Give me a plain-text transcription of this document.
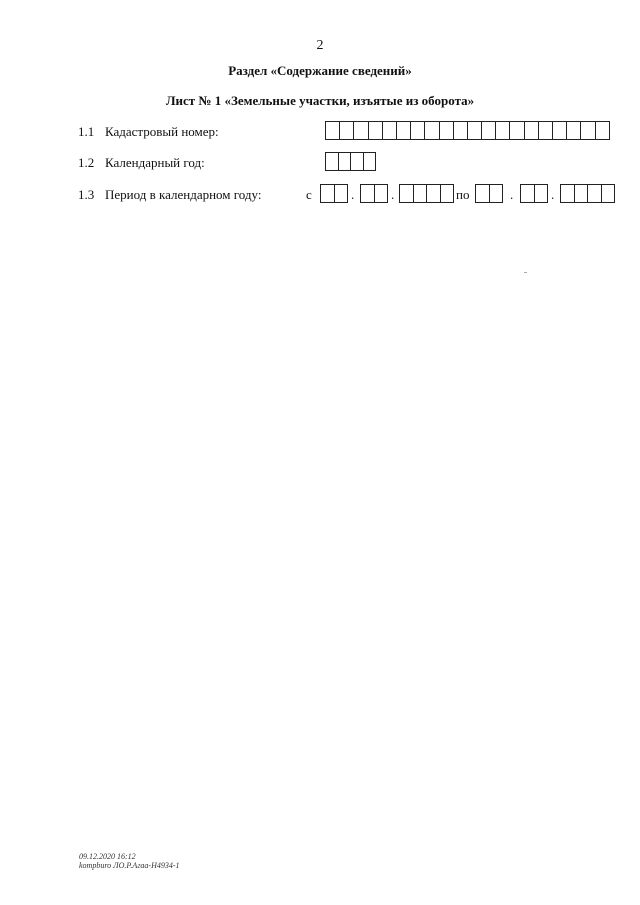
2
Раздел «Содержание сведений»
Лист № 1 «Земельные участки, изъятые из оборота»
1.1 Кадастровый номер:
1.2 Календарный год:
1.3 Период в календарном году:	с	.	.	по	.	.
09.12.2020 16:12
kompburo ЛО.Р.Агаа-Н4934-1
